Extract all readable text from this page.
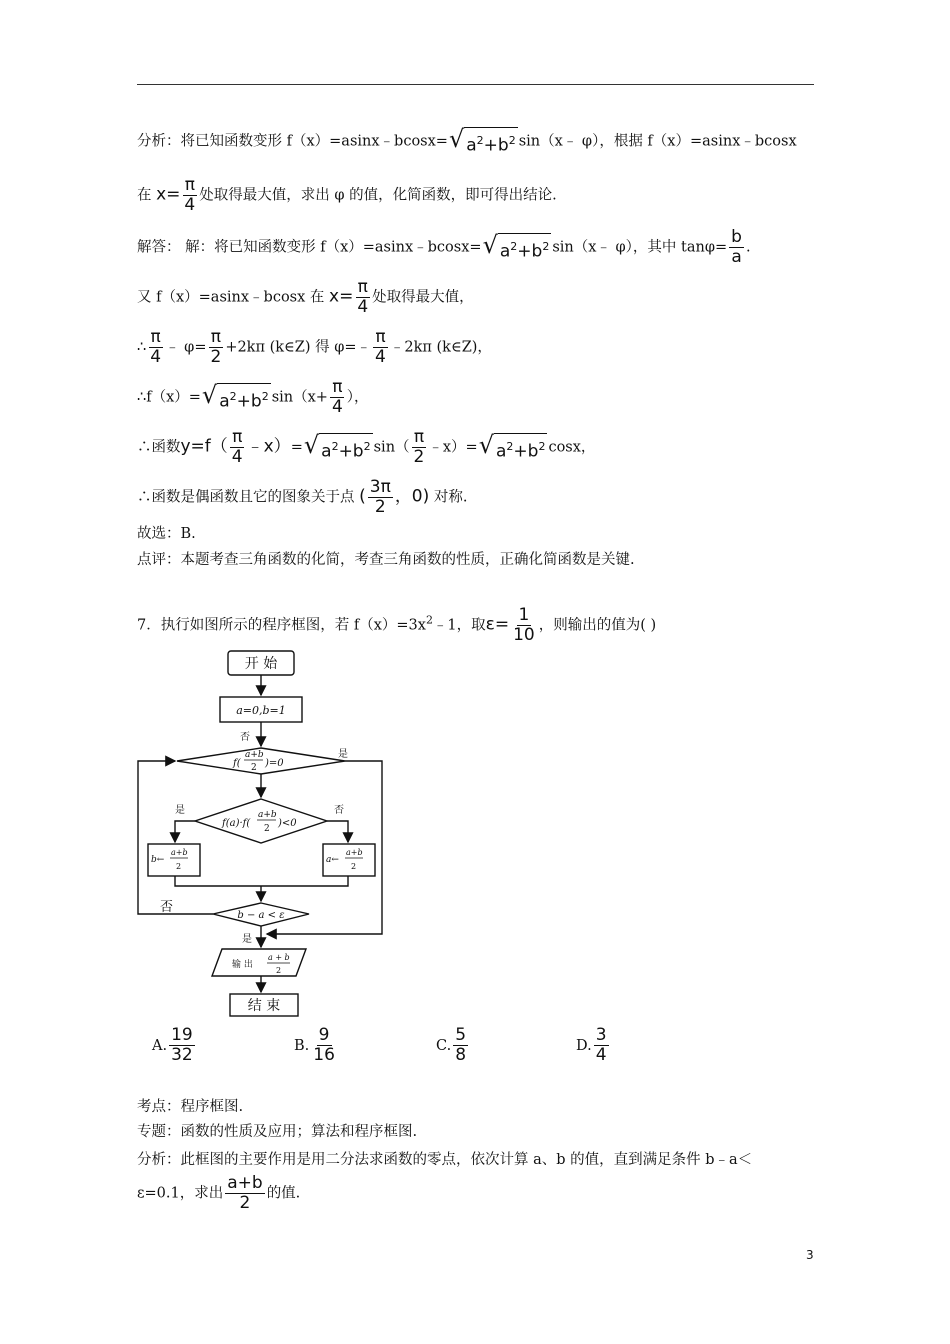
分析：将已知函数变形 f（x）=asinx﹣bcosx= √ $a^2+b^2$ sin（x﹣ φ），根据 f（x）=asinx﹣bcosx
在 $x= \frac{\pi}{4}$ 处取得最大值，求出 φ 的值，化简函数，即可得出结论.
解答： 解：将已知函数变形 f（x）=asinx﹣bcosx= √ $a^2+b^2$ sin（x﹣ φ），其中 $\tan\varphi= \frac{b}{a}$ .
又 f（x）=asinx﹣bcosx 在 $x= \frac{\pi}{4}$ 处取得最大值，
∴ $\frac{\pi}{4}$ ﹣ $\varphi= \frac{\pi}{2} +2k\pi$ (k∈Z) 得 φ=﹣ $\frac{\pi}{4}$ ﹣2kπ (k∈Z)，
∴f（x）= √ $a^2+b^2$ $\sin(x+ \frac{\pi}{4}$ ），
∴函数$y=f( \frac{\pi}{4}$ ﹣x）= √ $a^2+b^2$ $\sin( \frac{\pi}{2}$ ﹣x）= √ $a^2+b^2$ cosx，
∴函数是偶函数且它的图象关于点 ( $\frac{3\pi}{2}$ ，0) 对称.
故选：B.
点评：本题考查三角函数的化简，考查三角函数的性质，正确化简函数是关键.
7．执行如图所示的程序框图，若 $f(x)=3x^2﹣1$，取$\varepsilon= \frac{1}{10}$ ，则输出的值为( )
开 始
a=0,b=1
否
是
f(
a+b
2 )=0
是	否
f(a)·f(
a+b
2 )<0
b←
a+b
2
a←
a+b
2
否
b − a < ε
是
输 出
a + b
2
结 束
A. $\frac{19}{32}$	B. $\frac{9}{16}$	C. $\frac{5}{8}$	D. $\frac{3}{4}$
考点：程序框图.
专题：函数的性质及应用；算法和程序框图.
分析：此框图的主要作用是用二分法求函数的零点，依次计算 a、b 的值，直到满足条件 b﹣a＜
ε=0.1，求出 $\frac{a+b}{2}$ 的值.
3
